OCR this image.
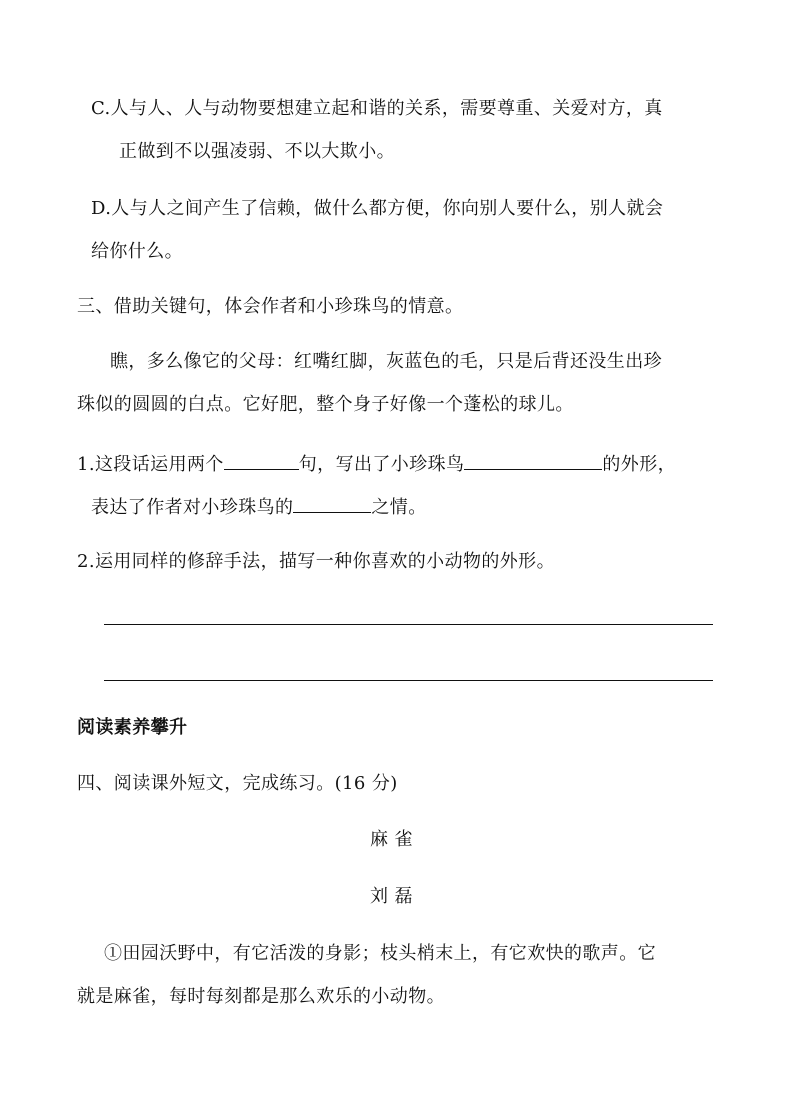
C.人与人、人与动物要想建立起和谐的关系，需要尊重、关爱对方，真
正做到不以强凌弱、不以大欺小。
D.人与人之间产生了信赖，做什么都方便，你向别人要什么，别人就会
给你什么。
三、借助关键句，体会作者和小珍珠鸟的情意。
瞧，多么像它的父母：红嘴红脚，灰蓝色的毛，只是后背还没生出珍
珠似的圆圆的白点。它好肥，整个身子好像一个蓬松的球儿。
1.这段话运用两个	句，写出了小珍珠鸟	的外形，
表达了作者对小珍珠鸟的	之情。
2.运用同样的修辞手法，描写一种你喜欢的小动物的外形。
阅读素养攀升
四、阅读课外短文，完成练习。(16 分)
麻 雀
刘 磊
①田园沃野中，有它活泼的身影；枝头梢末上，有它欢快的歌声。它
就是麻雀，每时每刻都是那么欢乐的小动物。
